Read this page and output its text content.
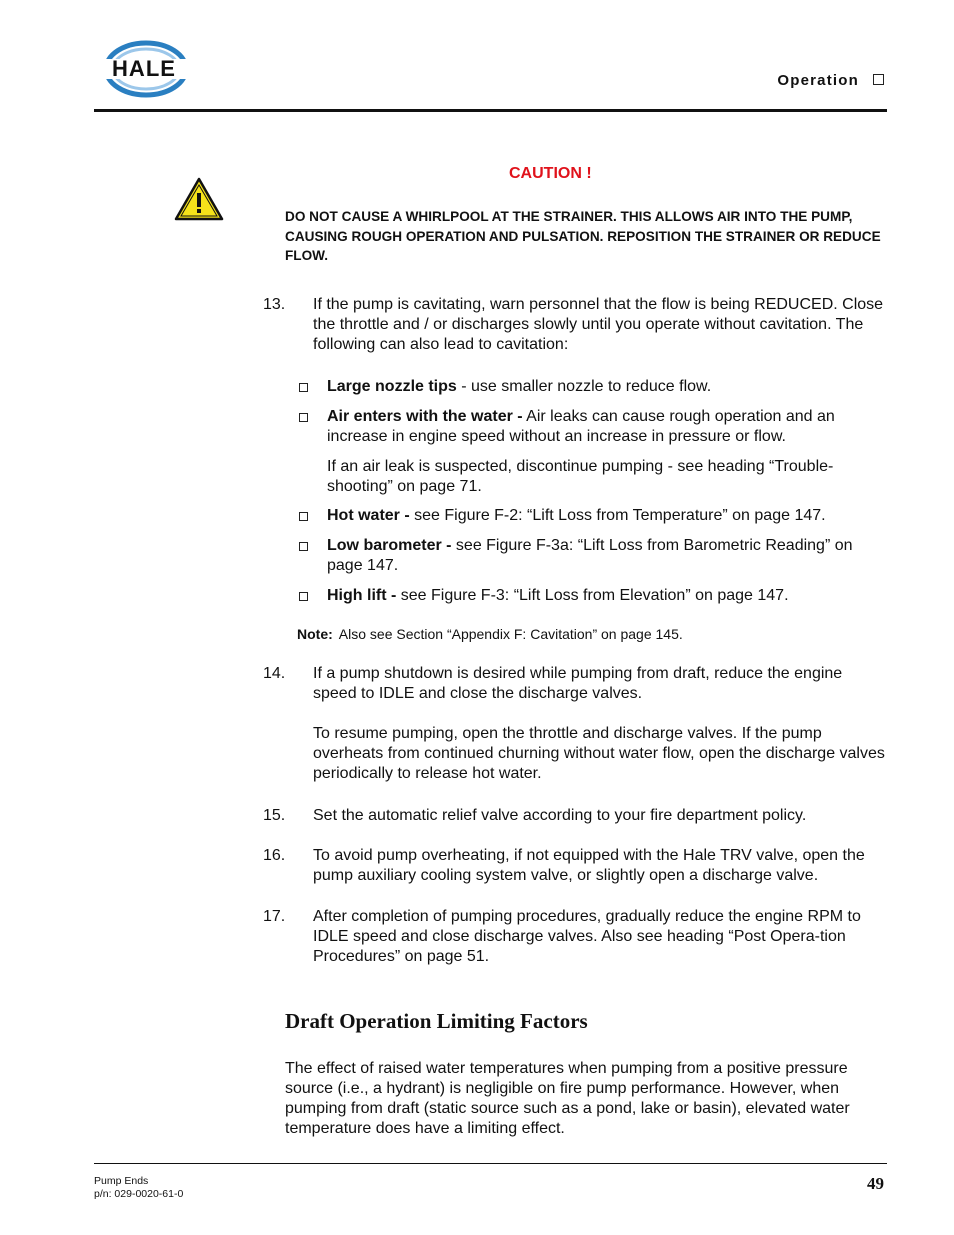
HALE	Operation
CAUTION !
DO NOT CAUSE A WHIRLPOOL AT THE STRAINER. THIS ALLOWS AIR INTO THE PUMP, CAUSING ROUGH OPERATION AND PULSATION. REPOSITION THE STRAINER OR REDUCE FLOW.
13. If the pump is cavitating, warn personnel that the flow is being REDUCED. Close the throttle and / or discharges slowly until you operate without cavitation. The following can also lead to cavitation:
Large nozzle tips - use smaller nozzle to reduce flow.
Air enters with the water - Air leaks can cause rough operation and an increase in engine speed without an increase in pressure or flow.
If an air leak is suspected, discontinue pumping - see heading “Trouble-shooting” on page 71.
Hot water - see Figure F-2: “Lift Loss from Temperature” on page 147.
Low barometer - see Figure F-3a: “Lift Loss from Barometric Reading” on page 147.
High lift - see Figure F-3: “Lift Loss from Elevation” on page 147.
Note: Also see Section “Appendix F: Cavitation” on page 145.
14. If a pump shutdown is desired while pumping from draft, reduce the engine speed to IDLE and close the discharge valves.
To resume pumping, open the throttle and discharge valves. If the pump overheats from continued churning without water flow, open the discharge valves periodically to release hot water.
15. Set the automatic relief valve according to your fire department policy.
16. To avoid pump overheating, if not equipped with the Hale TRV valve, open the pump auxiliary cooling system valve, or slightly open a discharge valve.
17. After completion of pumping procedures, gradually reduce the engine RPM to IDLE speed and close discharge valves. Also see heading “Post Opera-tion Procedures” on page 51.
Draft Operation Limiting Factors
The effect of raised water temperatures when pumping from a positive pressure source (i.e., a hydrant) is negligible on fire pump performance. However, when pumping from draft (static source such as a pond, lake or basin), elevated water temperature does have a limiting effect.
Pump Ends
p/n: 029-0020-61-0
49
